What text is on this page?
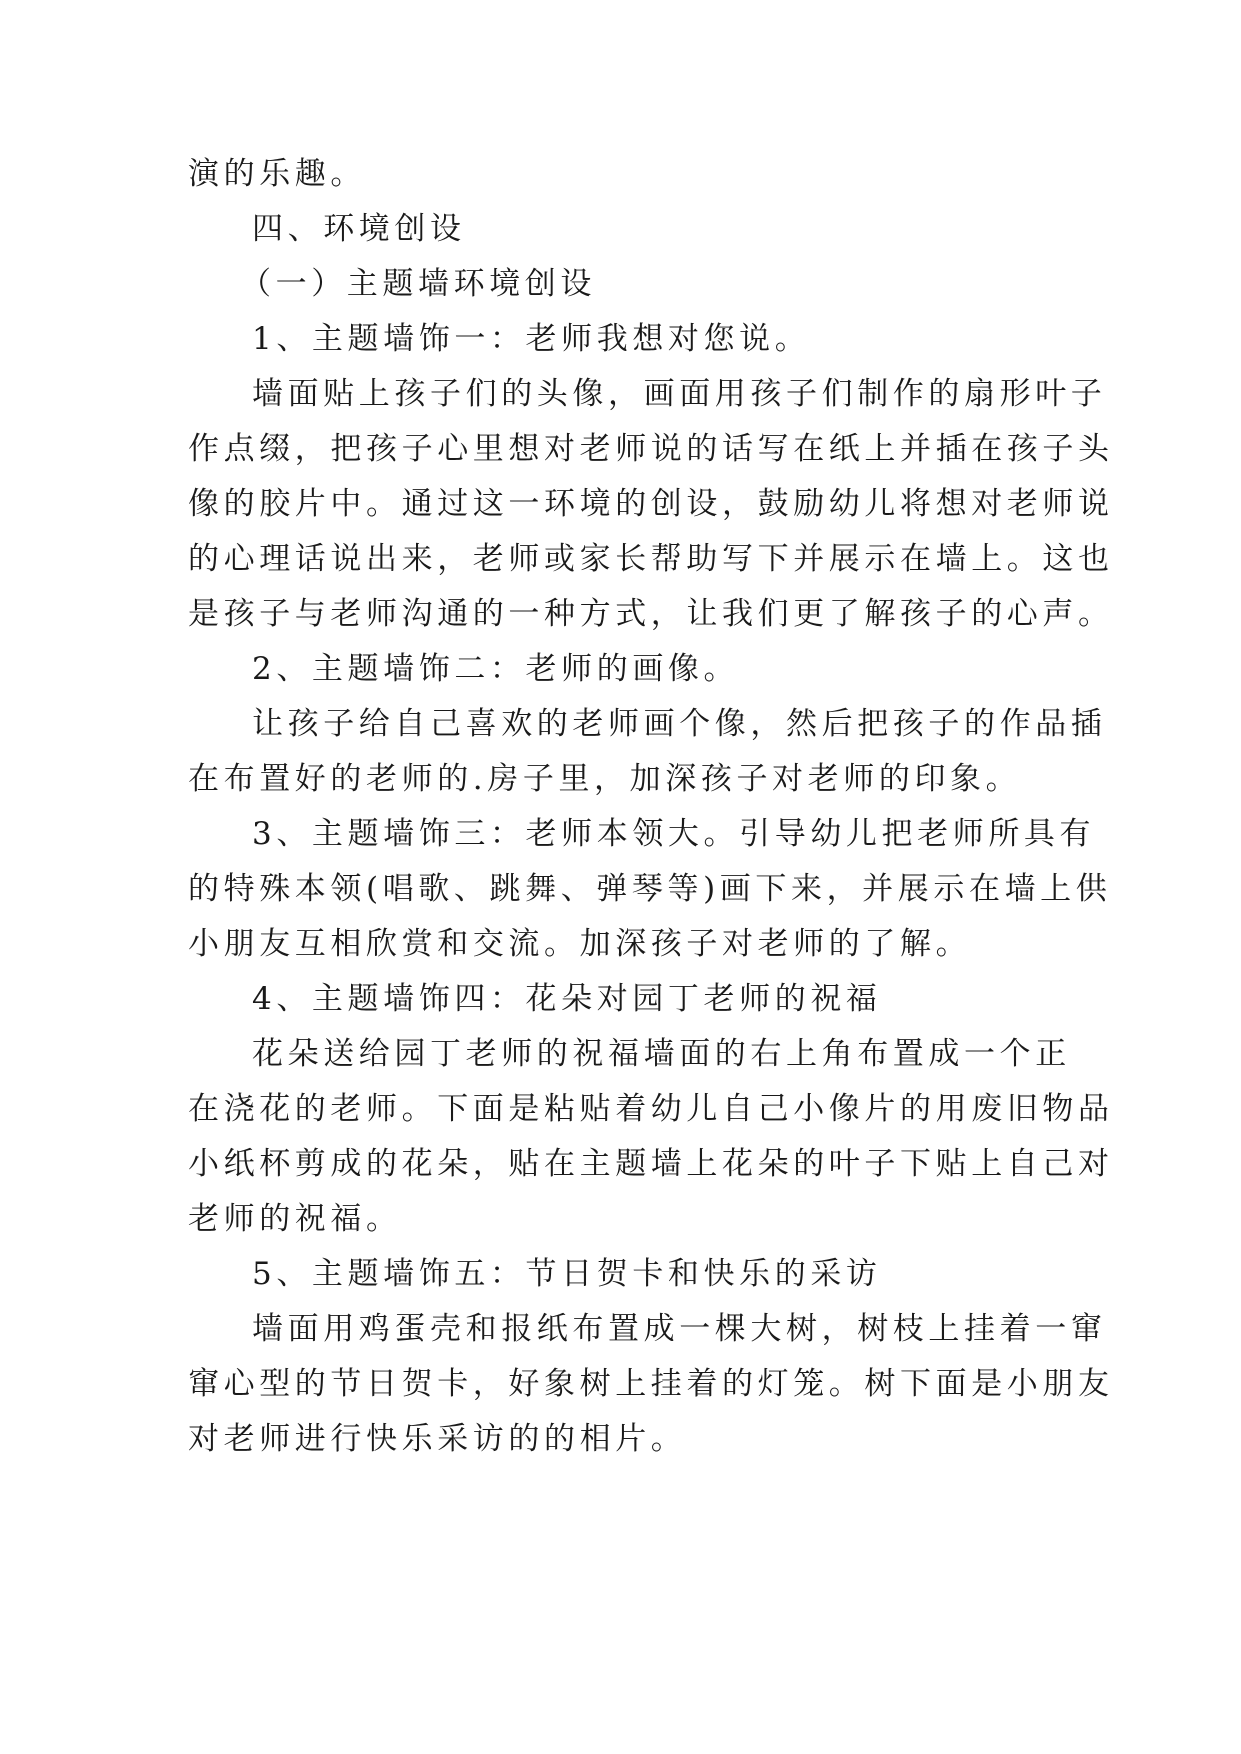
演的乐趣。
四、环境创设
（一）主题墙环境创设
1、主题墙饰一：老师我想对您说。
墙面贴上孩子们的头像，画面用孩子们制作的扇形叶子
作点缀，把孩子心里想对老师说的话写在纸上并插在孩子头
像的胶片中。通过这一环境的创设，鼓励幼儿将想对老师说
的心理话说出来，老师或家长帮助写下并展示在墙上。这也
是孩子与老师沟通的一种方式，让我们更了解孩子的心声。
2、主题墙饰二：老师的画像。
让孩子给自己喜欢的老师画个像，然后把孩子的作品插
在布置好的老师的.房子里，加深孩子对老师的印象。
3、主题墙饰三：老师本领大。引导幼儿把老师所具有
的特殊本领(唱歌、跳舞、弹琴等)画下来，并展示在墙上供
小朋友互相欣赏和交流。加深孩子对老师的了解。
4、主题墙饰四：花朵对园丁老师的祝福
花朵送给园丁老师的祝福墙面的右上角布置成一个正
在浇花的老师。下面是粘贴着幼儿自己小像片的用废旧物品
小纸杯剪成的花朵，贴在主题墙上花朵的叶子下贴上自己对
老师的祝福。
5、主题墙饰五：节日贺卡和快乐的采访
墙面用鸡蛋壳和报纸布置成一棵大树，树枝上挂着一窜
窜心型的节日贺卡，好象树上挂着的灯笼。树下面是小朋友
对老师进行快乐采访的的相片。
